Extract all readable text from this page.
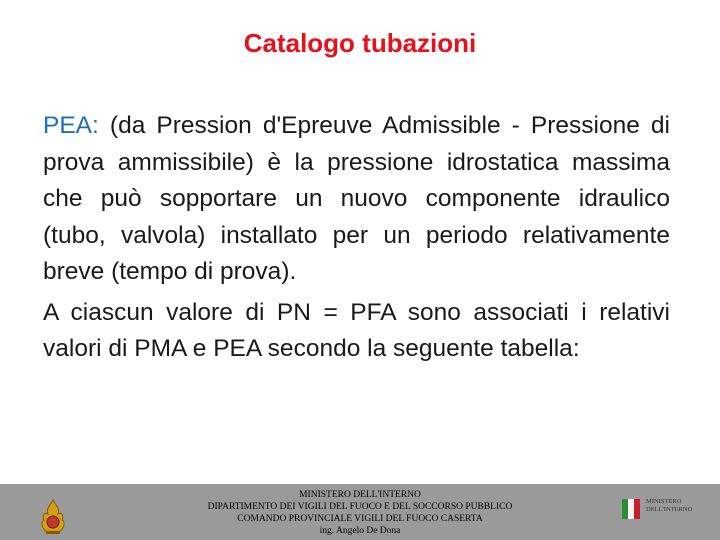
Catalogo tubazioni

PEA: (da Pression d'Epreuve Admissible - Pressione di prova ammissibile) è la pressione idrostatica massima che può sopportare un nuovo componente idraulico (tubo, valvola) installato per un periodo relativamente breve (tempo di prova).

A ciascun valore di PN = PFA sono associati i relativi valori di PMA e PEA secondo la seguente tabella:

MINISTERO DELL'INTERNO
DIPARTIMENTO DEI VIGILI DEL FUOCO E DEL SOCCORSO PUBBLICO
COMANDO PROVINCIALE VIGILI DEL FUOCO CASERTA
ing. Angelo De Dona
MINISTERO DELL'INTERNO
